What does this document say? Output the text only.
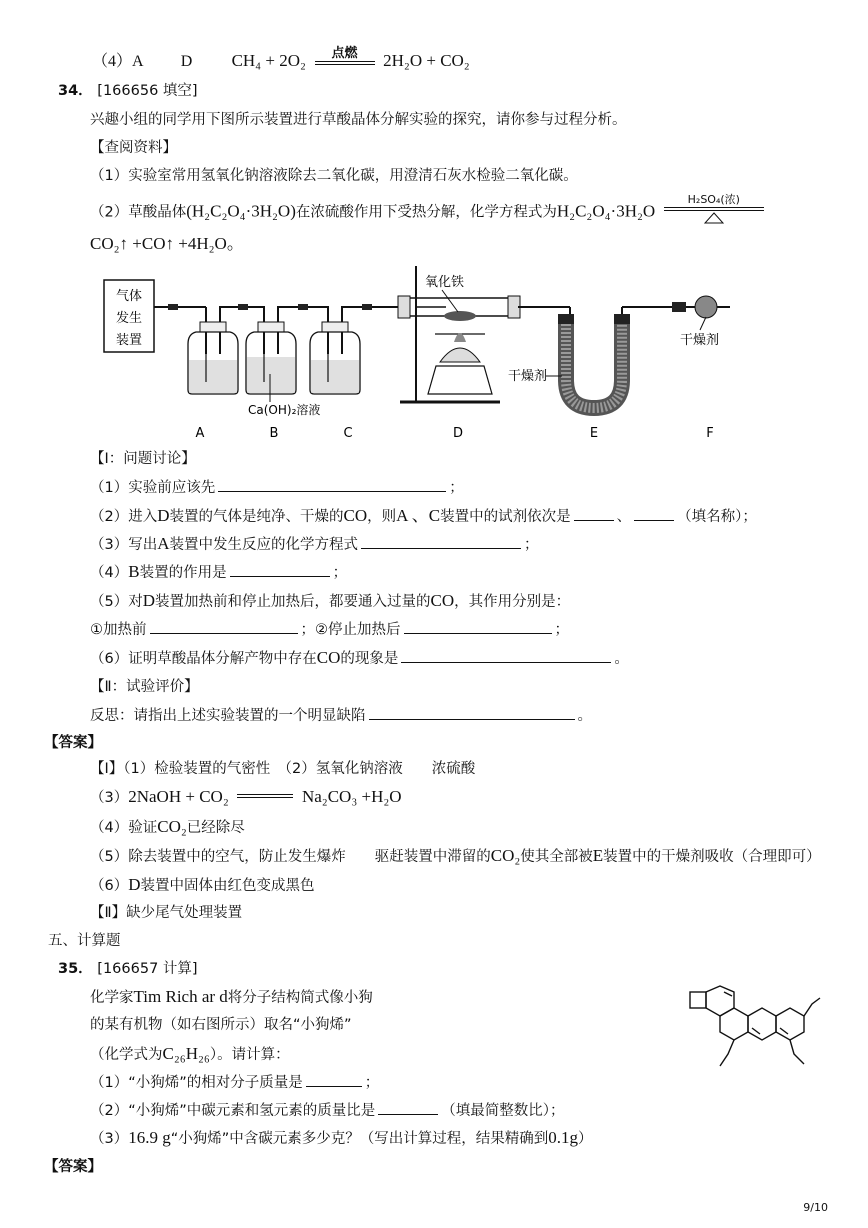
（4）A D CH₄ + 2O₂	点燃	2H₂O + CO₂
34． [166656 填空]
兴趣小组的同学用下图所示装置进行草酸晶体分解实验的探究，请你参与过程分析。
【查阅资料】
（1）实验室常用氢氧化钠溶液除去二氧化碳，用澄清石灰水检验二氧化碳。
（2）草酸晶体(H₂C₂O₄·3H₂O)在浓硫酸作用下受热分解，化学方程式为H₂C₂O₄·3H₂O
H₂SO₄(浓)
CO₂↑ +CO↑ +4H₂O。
气体
发生
装置
Ca(OH)₂溶液
氧化铁
干燥剂
干燥剂
A	B	C	D	E	F
【Ⅰ：问题讨论】
（1）实验前应该先	；
（2）进入D装置的气体是纯净、干燥的CO，则A 、C装置中的试剂依次是	、	（填名称）；
（3）写出A装置中发生反应的化学方程式	；
（4）B装置的作用是	；
（5）对D装置加热前和停止加热后，都要通入过量的CO，其作用分别是：
①加热前	；②停止加热后	；
（6）证明草酸晶体分解产物中存在CO的现象是	。
【Ⅱ：试验评价】
反思：请指出上述实验装置的一个明显缺陷	。
【答案】
【Ⅰ】（1）检验装置的气密性　（2）氢氧化钠溶液　　浓硫酸
（3）2NaOH + CO₂	Na₂CO₃ +H₂O
（4）验证CO₂已经除尽
（5）除去装置中的空气，防止发生爆炸　　驱赶装置中滞留的CO₂使其全部被E装置中的干燥剂吸收（合理即可）
（6）D装置中固体由红色变成黑色
【Ⅱ】缺少尾气处理装置
五、计算题
35． [166657 计算]
化学家Tim Rich ar d将分子结构简式像小狗
的某有机物（如右图所示）取名“小狗烯”
（化学式为C₂₆H₂₆）。请计算：
（1）“小狗烯”的相对分子质量是	；
（2）“小狗烯”中碳元素和氢元素的质量比是	（填最简整数比）；
（3）16.9 g“小狗烯”中含碳元素多少克？（写出计算过程，结果精确到0.1g）
【答案】
9/10
